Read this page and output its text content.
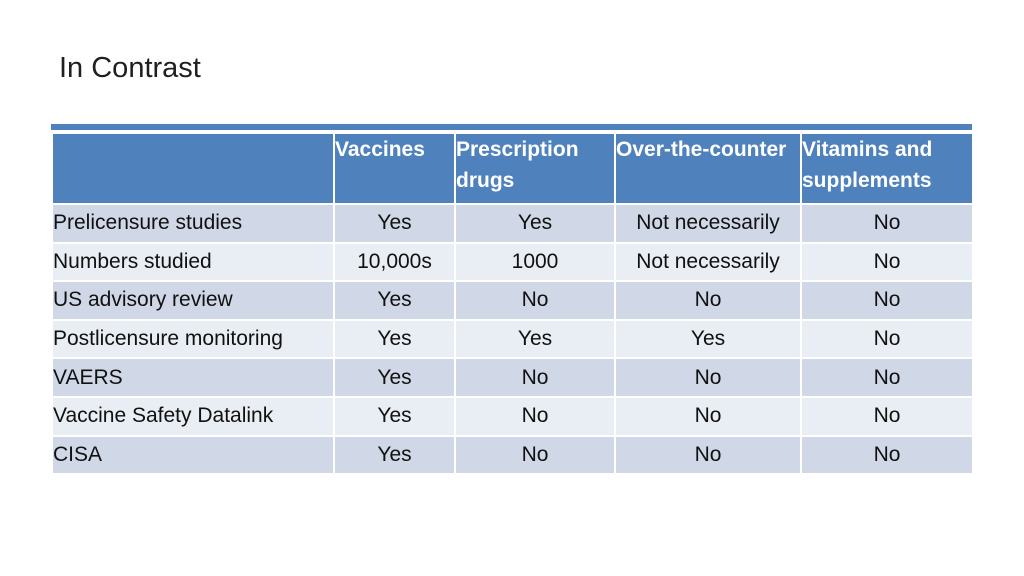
In Contrast
	Vaccines	Prescription drugs	Over-the-counter	Vitamins and supplements
Prelicensure studies	Yes	Yes	Not necessarily	No
Numbers studied	10,000s	1000	Not necessarily	No
US advisory review	Yes	No	No	No
Postlicensure monitoring	Yes	Yes	Yes	No
VAERS	Yes	No	No	No
Vaccine Safety Datalink	Yes	No	No	No
CISA	Yes	No	No	No
